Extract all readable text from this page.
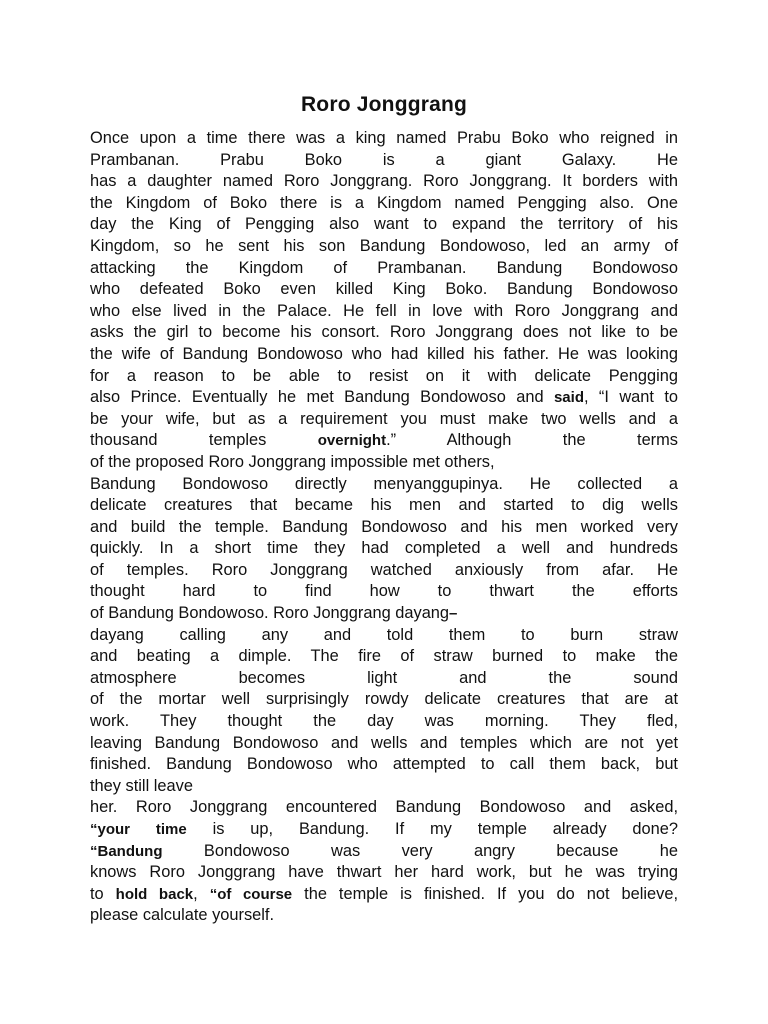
Roro Jonggrang
Once upon a time there was a king named Prabu Boko who reigned in
Prambanan. Prabu Boko is a giant Galaxy. He
has a daughter named Roro Jonggrang. Roro Jonggrang. It borders with
the Kingdom of Boko there is a Kingdom named Pengging also. One
day the King of Pengging also want to expand the territory of his
Kingdom, so he sent his son Bandung Bondowoso, led an army of
attacking the Kingdom of Prambanan. Bandung Bondowoso
who defeated Boko even killed King Boko. Bandung Bondowoso
who else lived in the Palace. He fell in love with Roro Jonggrang and
asks the girl to become his consort. Roro Jonggrang does not like to be
the wife of Bandung Bondowoso who had killed his father. He was looking
for a reason to be able to resist on it with delicate Pengging
also Prince. Eventually he met Bandung Bondowoso and said, “I want to
be your wife, but as a requirement you must make two wells and a
thousand temples overnight.” Although the terms
of the proposed Roro Jonggrang impossible met others,
Bandung Bondowoso directly menyanggupinya. He collected a
delicate creatures that became his men and started to dig wells
and build the temple. Bandung Bondowoso and his men worked very
quickly. In a short time they had completed a well and hundreds
of temples. Roro Jonggrang watched anxiously from afar. He
thought hard to find how to thwart the efforts
of Bandung Bondowoso. Roro Jonggrang dayang–
dayang calling any and told them to burn straw
and beating a dimple. The fire of straw burned to make the
atmosphere becomes light and the sound
of the mortar well surprisingly rowdy delicate creatures that are at
work. They thought the day was morning. They fled,
leaving Bandung Bondowoso and wells and temples which are not yet
finished. Bandung Bondowoso who attempted to call them back, but
they still leave
her. Roro Jonggrang encountered Bandung Bondowoso and asked,
“your time is up, Bandung. If my temple already done?
“Bandung Bondowoso was very angry because he
knows Roro Jonggrang have thwart her hard work, but he was trying
to hold back, “of course the temple is finished. If you do not believe,
please calculate yourself.
